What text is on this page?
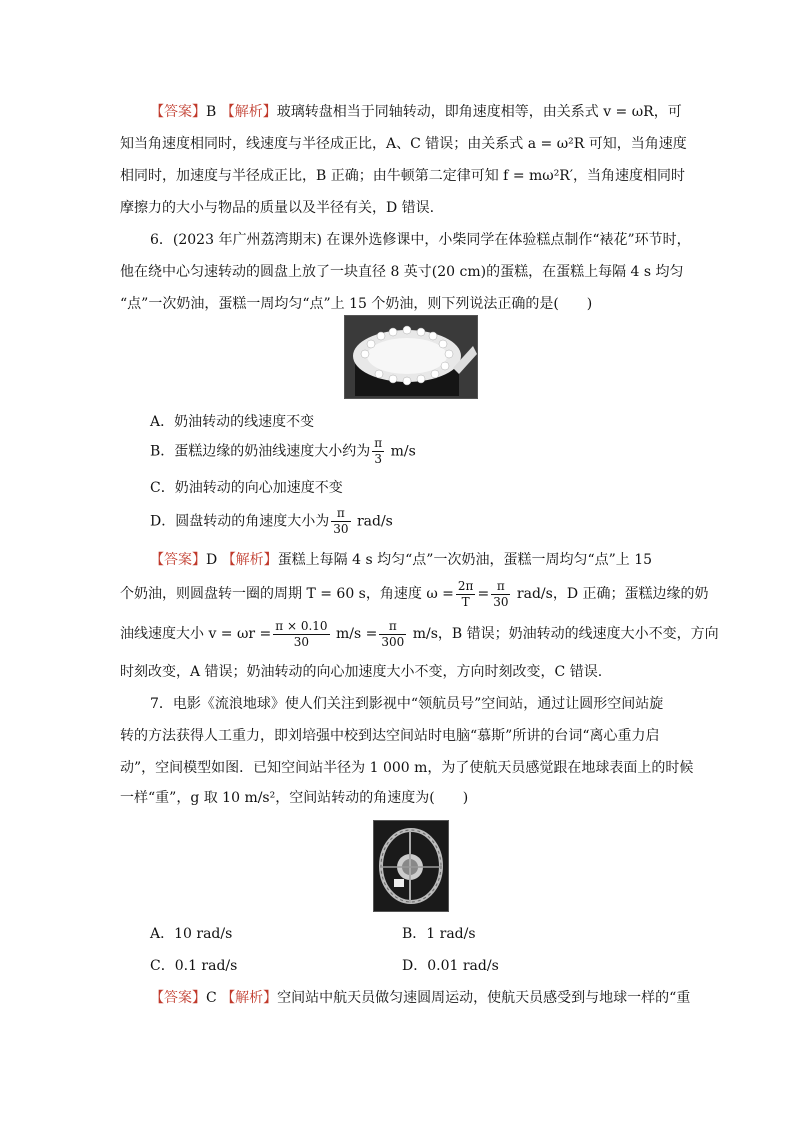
【答案】B 【解析】玻璃转盘相当于同轴转动，即角速度相等，由关系式 v = ωR，可
知当角速度相同时，线速度与半径成正比，A、C 错误；由关系式 a = ω²R 可知，当角速度
相同时，加速度与半径成正比，B 正确；由牛顿第二定律可知 f = mω²R′，当角速度相同时
摩擦力的大小与物品的质量以及半径有关，D 错误.
6．(2023 年广州荔湾期末) 在课外选修课中，小柴同学在体验糕点制作“裱花”环节时，
他在绕中心匀速转动的圆盘上放了一块直径 8 英寸(20 cm)的蛋糕，在蛋糕上每隔 4 s 均匀
“点”一次奶油，蛋糕一周均匀“点”上 15 个奶油，则下列说法正确的是(　　)
A．奶油转动的线速度不变
B．蛋糕边缘的奶油线速度大小约为 $\frac{\pi}{3} m/s$
C．奶油转动的向心加速度不变
D．圆盘转动的角速度大小为 $\frac{\pi}{30} rad/s$
【答案】D 【解析】蛋糕上每隔 4 s 均匀“点”一次奶油，蛋糕一周均匀“点”上 15
个奶油，则圆盘转一圈的周期 T = 60 s，角速度 $\omega = \frac{2\pi}{T} = \frac{\pi}{30} rad/s$，D 正确；蛋糕边缘的奶
油线速度大小 $v = \omega r = \frac{\pi \times 0.10}{30} m/s = \frac{\pi}{300} m/s$，B 错误；奶油转动的线速度大小不变，方向
时刻改变，A 错误；奶油转动的向心加速度大小不变，方向时刻改变，C 错误.
7．电影《流浪地球》使人们关注到影视中“领航员号”空间站，通过让圆形空间站旋
转的方法获得人工重力，即刘培强中校到达空间站时电脑“慕斯”所讲的台词“离心重力启
动”，空间模型如图．已知空间站半径为 1 000 m，为了使航天员感觉跟在地球表面上的时候
一样“重”，g 取 10 m/s²，空间站转动的角速度为(　　)
A．10 rad/s	B．1 rad/s
C．0.1 rad/s	D．0.01 rad/s
【答案】C 【解析】空间站中航天员做匀速圆周运动，使航天员感受到与地球一样的“重
